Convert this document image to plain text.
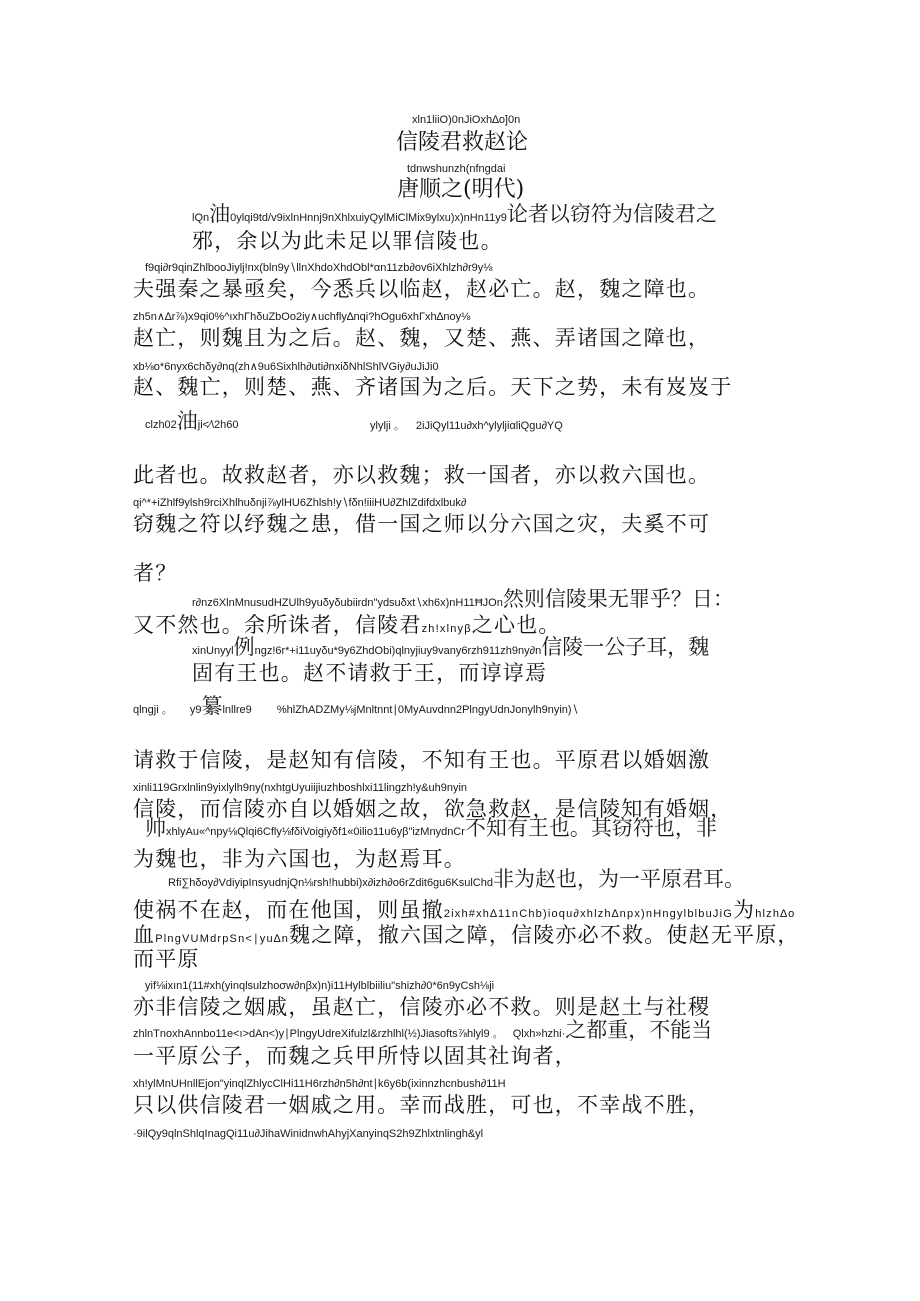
xln1liiO)0nJiOxh∆o]0n
信陵君救赵论
tdnwshunzh(nfngdai
唐顺之(明代)
lQn油0ylqi9td/v9ixlnHnnj9nXhlxuiyQylMiClMix9ylxu)x)nHn11y9论者以窃符为信陵君之
邪，余以为此未足以罪信陵也。
f9qi∂r9qinZhlbooJiylj!nx(bln9y∖llnXhdoXhdObl*αn11zb∂ov6iXhlzh∂r9y⅛
夫强秦之暴亟矣，今悉兵以临赵，赵必亡。赵，魏之障也。
zh5n∧∆r⅞)x9qi0%^ıxhΓhδuZbOo2iy∧uchfly∆nqi?hOgu6xhΓxh∆noy⅛
赵亡，则魏且为之后。赵、魏，又楚、燕、弄诸国之障也，
xb⅛o*6nyx6chδy∂nq(zh∧9u6Sixhlh∂uti∂nxiδNhlShlVGiy∂uJiJi0
赵、魏亡，则楚、燕、齐诸国为之后。天下之势，未有岌岌于
clzh02油ji<∕\2h60	ylylji 。 2iJiQyl11u∂xh^ylyljiαliQgu∂YQ
此者也。故救赵者，亦以救魏；救一国者，亦以救六国也。
qi^*+iZhlf9ylsh9rciXhlhuδnji⅞ylHU6Zhlsh!y∖fδn!iiiHU∂ZhlZdifdxlbuk∂
窃魏之符以纾魏之患，借一国之师以分六国之灾，夫奚不可
者？
r∂nz6XlnMnusudHZUlh9yuδyδubiirdn"ydsuδxt∖xh6x)nH11ĦJOn然则信陵果无罪乎？日：
又不然也。余所诛者，信陵君zh!xlnyβ之心也。
xinUnyyl例ngz!6r*+i11uyδu*9y6ZhdObi)qlnyjiuy9vany6rzh911zh9ny∂n信陵一公子耳，魏
固有王也。赵不请救于王，而谆谆焉
qlngji 。 y9纂lnllre9 %hlZhADZMy⅛jMnltnnt∣0MyAuvdnn2PlngyUdnJonylh9nyin)∖
请救于信陵，是赵知有信陵，不知有王也。平原君以婚姻激
xinli119Grxlnlin9yixlylh9ny(nxhtgUyuiijiuzhboshlxi11lingzh!y&uh9nyin
信陵，而信陵亦自以婚姻之故，欲急救赵，是信陵知有婚姻，
帅xhlyAu«^npy⅛Qlqi6Cfly⅛fδiVoigiyδf1«0ilio11u6yβ"izMnydnCr不知有王也。其窃符也，非
为魏也，非为六国也，为赵焉耳。
Rfi∑hδoy∂VdiyipInsyudnjQn⅛rsh!hubbi)x∂izh∂o6rZdit6gu6KsulChd非为赵也，为一平原君耳。
使祸不在赵，而在他国，则虽撤2ixh#xh∆11nChb)ioqu∂xhlzh∆npx)nHngylblbuJiG为hlzh∆o
血PlngVUMdrpSn<∣yu∆n魏之障，撤六国之障，信陵亦必不救。使赵无平原，
而平原
yif⅛ixın1(11#xh(yinqlsulzhoσw∂nβx)n)i11Hylblbiiliu"shizh∂0*6n9yCsh⅛ji
亦非信陵之姻戚，虽赵亡，信陵亦必不救。则是赵土与社稷
zhlnTnoxhAnnbo11e<ı>dAn<)y∣PlngyUdreXifulzl&rzhlhl(½)Jiasofts⅞hlyl9 。 Qlxh»hzhi·之都重，不能当
一平原公子，而魏之兵甲所恃以固其社询者，
xh!ylMnUHnllEjon"yinqlZhlycClHi11H6rzh∂n5h∂nt∣k6y6b(ixinnzhcnbush∂11H
只以供信陵君一姻戚之用。幸而战胜，可也，不幸战不胜，
·9ilQy9qlnShlqInagQi11u∂JihaWinidnwhAhyjXanyinqS2h9Zhlxtnlingh&yl
